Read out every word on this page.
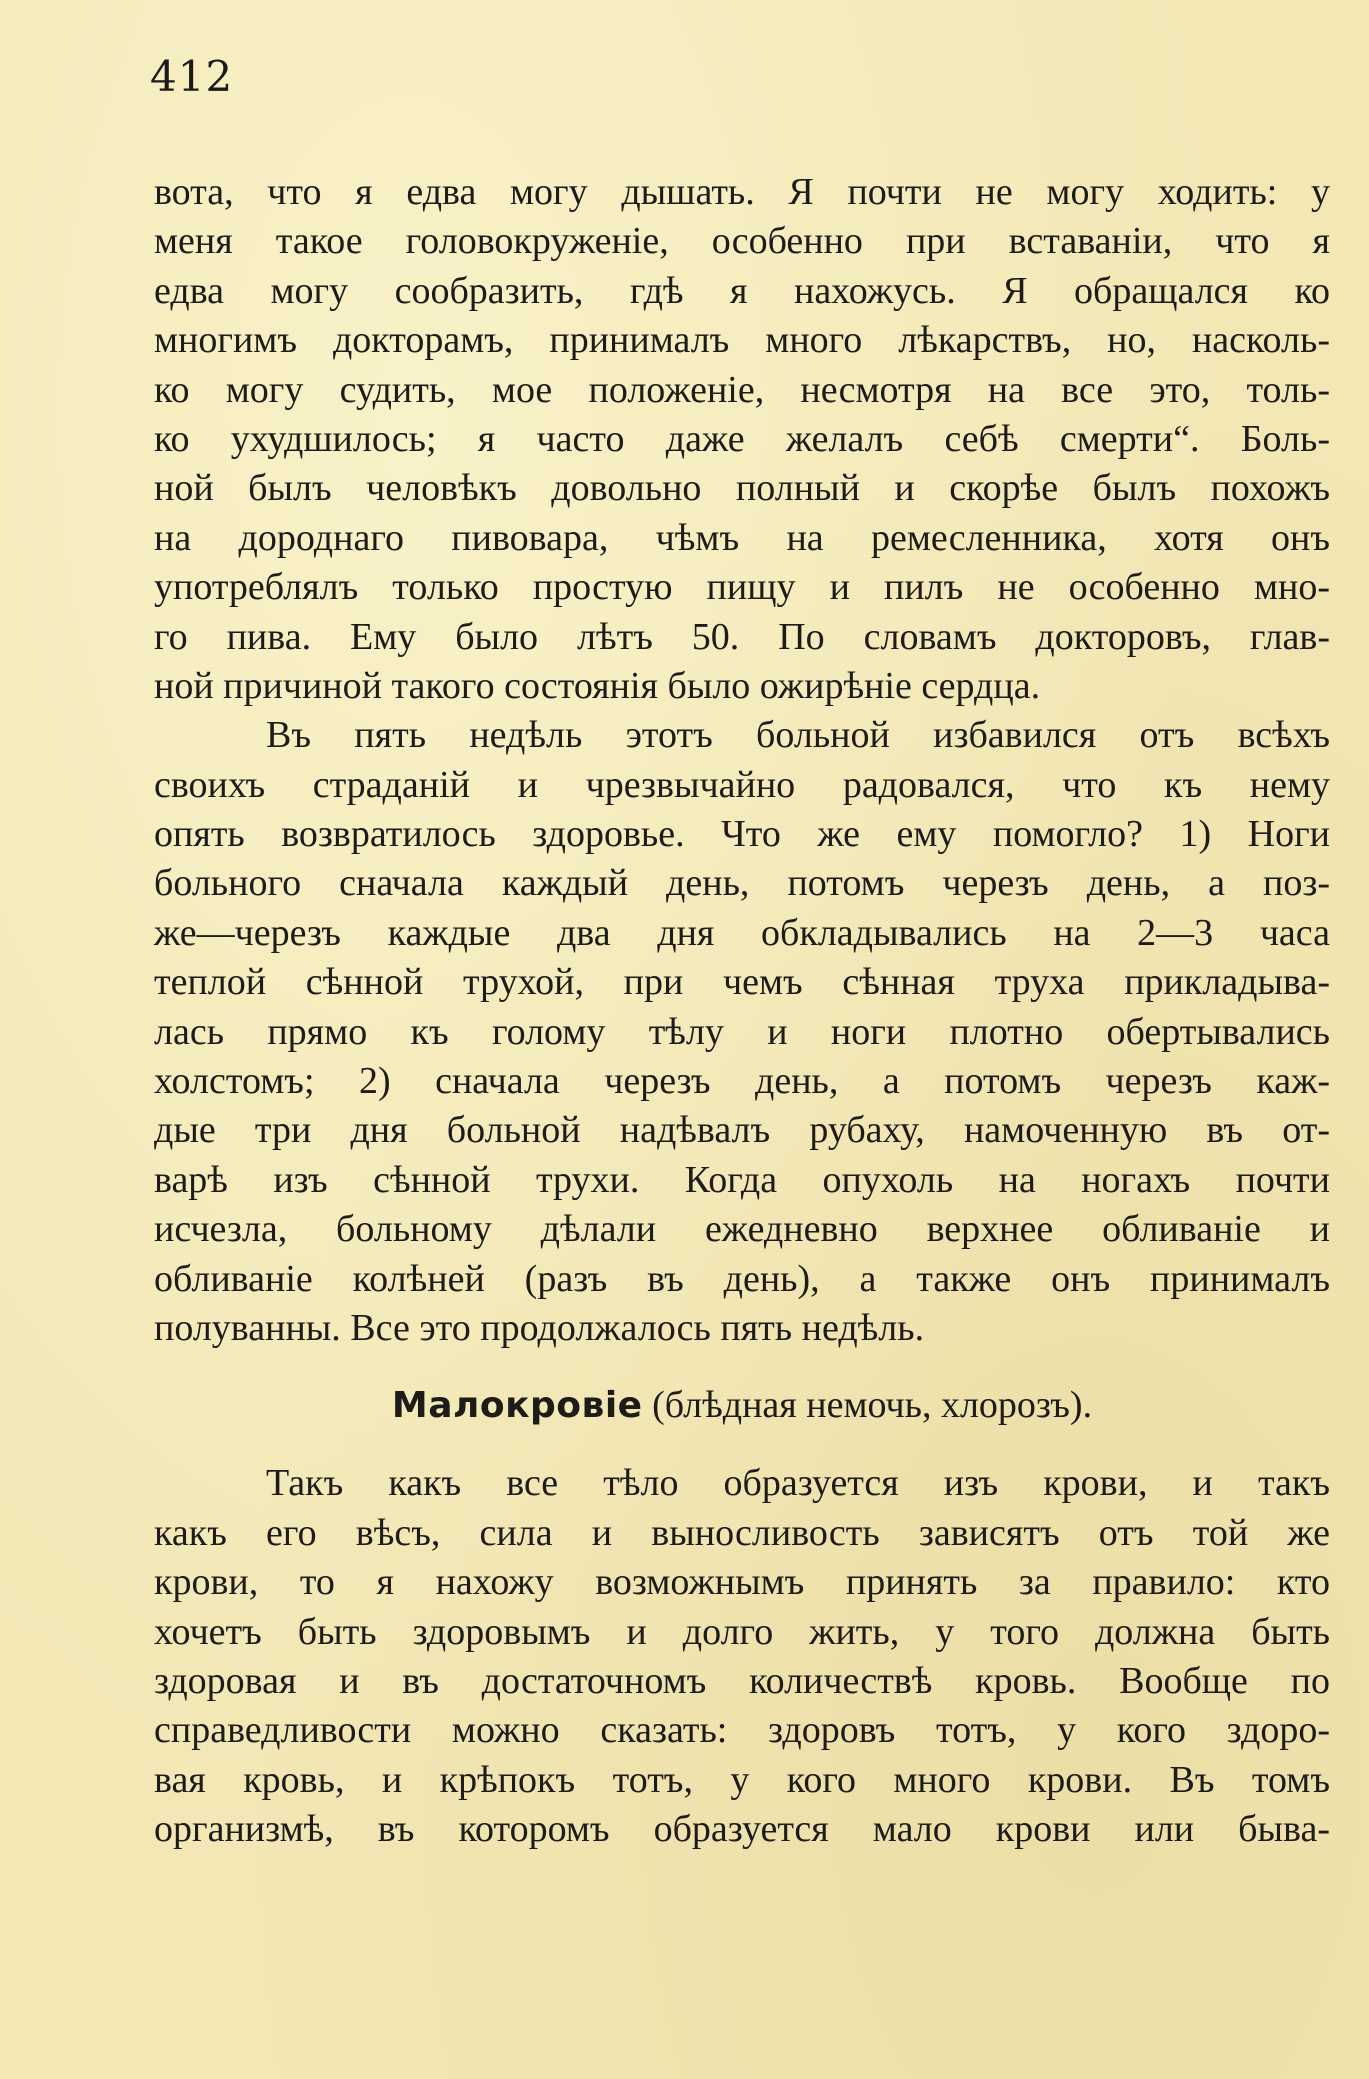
412
вота, что я едва могу дышать. Я почти не могу ходить: у
меня такое головокруженіе, особенно при вставаніи, что я
едва могу сообразить, гдѣ я нахожусь. Я обращался ко
многимъ докторамъ, принималъ много лѣкарствъ, но, насколь-
ко могу судить, мое положеніе, несмотря на все это, толь-
ко ухудшилось; я часто даже желалъ себѣ смерти“. Боль-
ной былъ человѣкъ довольно полный и скорѣе былъ похожъ
на дороднаго пивовара, чѣмъ на ремесленника, хотя онъ
употреблялъ только простую пищу и пилъ не особенно мно-
го пива. Ему было лѣтъ 50. По словамъ докторовъ, глав-
ной причиной такого состоянія было ожирѣніе сердца.
Въ пять недѣль этотъ больной избавился отъ всѣхъ
своихъ страданій и чрезвычайно радовался, что къ нему
опять возвратилось здоровье. Что же ему помогло? 1) Ноги
больного сначала каждый день, потомъ черезъ день, а поз-
же—черезъ каждые два дня обкладывались на 2—3 часа
теплой сѣнной трухой, при чемъ сѣнная труха прикладыва-
лась прямо къ голому тѣлу и ноги плотно обертывались
холстомъ; 2) сначала черезъ день, а потомъ черезъ каж-
дые три дня больной надѣвалъ рубаху, намоченную въ от-
варѣ изъ сѣнной трухи. Когда опухоль на ногахъ почти
исчезла, больному дѣлали ежедневно верхнее обливаніе и
обливаніе колѣней (разъ въ день), а также онъ принималъ
полуванны. Все это продолжалось пять недѣль.
Малокровіе (блѣдная немочь, хлорозъ).
Такъ какъ все тѣло образуется изъ крови, и такъ
какъ его вѣсъ, сила и выносливость зависятъ отъ той же
крови, то я нахожу возможнымъ принять за правило: кто
хочетъ быть здоровымъ и долго жить, у того должна быть
здоровая и въ достаточномъ количествѣ кровь. Вообще по
справедливости можно сказать: здоровъ тотъ, у кого здоро-
вая кровь, и крѣпокъ тотъ, у кого много крови. Въ томъ
организмѣ, въ которомъ образуется мало крови или быва-
